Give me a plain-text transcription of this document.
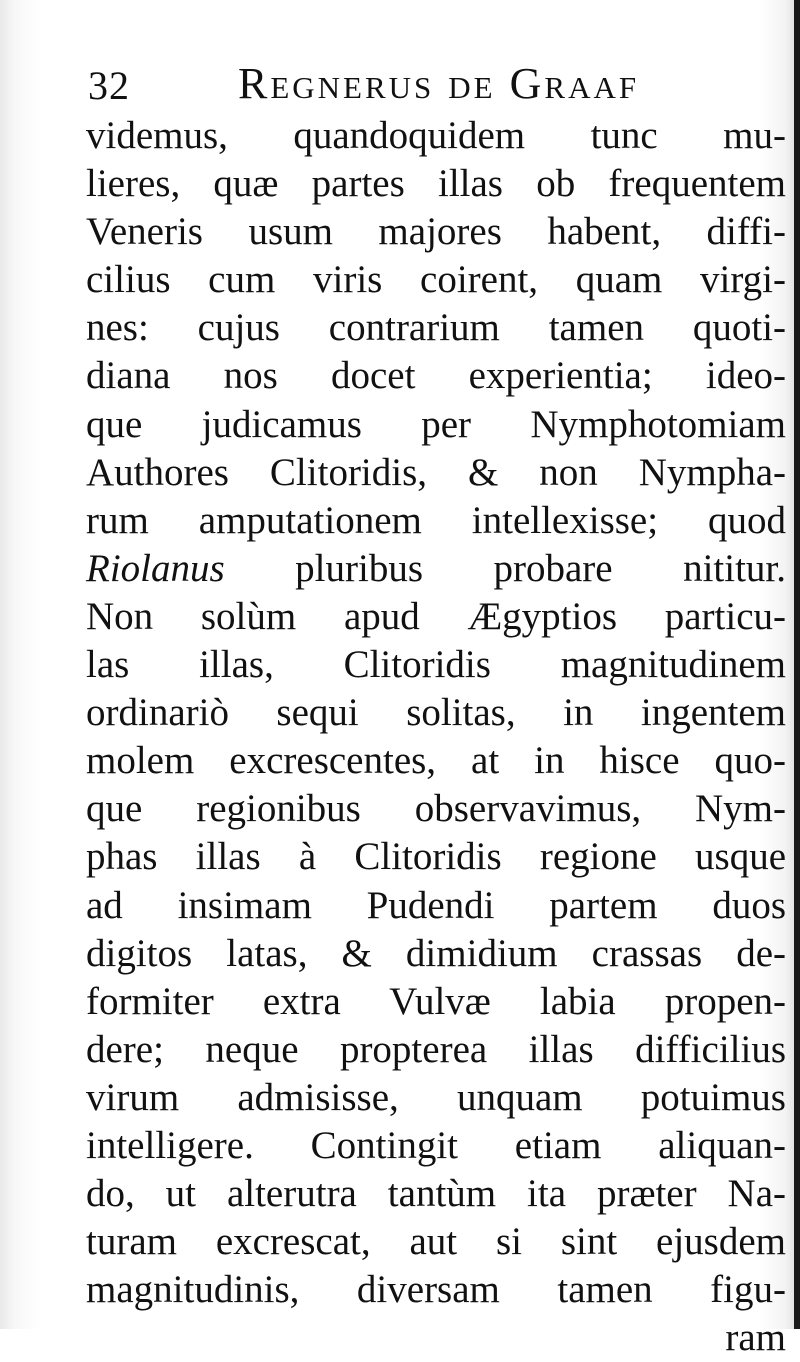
32 Regnerus de Graaf
videmus, quandoquidem tunc mu-
lieres, quæ partes illas ob frequentem
Veneris usum majores habent, diffi-
cilius cum viris coirent, quam virgi-
nes: cujus contrarium tamen quoti-
diana nos docet experientia; ideo-
que judicamus per Nymphotomiam
Authores Clitoridis, & non Nympha-
rum amputationem intellexisse; quod
Riolanus pluribus probare nititur.
Non solùm apud Ægyptios particu-
las illas, Clitoridis magnitudinem
ordinariò sequi solitas, in ingentem
molem excrescentes, at in hisce quo-
que regionibus observavimus, Nym-
phas illas à Clitoridis regione usque
ad insimam Pudendi partem duos
digitos latas, & dimidium crassas de-
formiter extra Vulvæ labia propen-
dere; neque propterea illas difficilius
virum admisisse, unquam potuimus
intelligere. Contingit etiam aliquan-
do, ut alterutra tantùm ita præter Na-
turam excrescat, aut si sint ejusdem
magnitudinis, diversam tamen figu-
ram
